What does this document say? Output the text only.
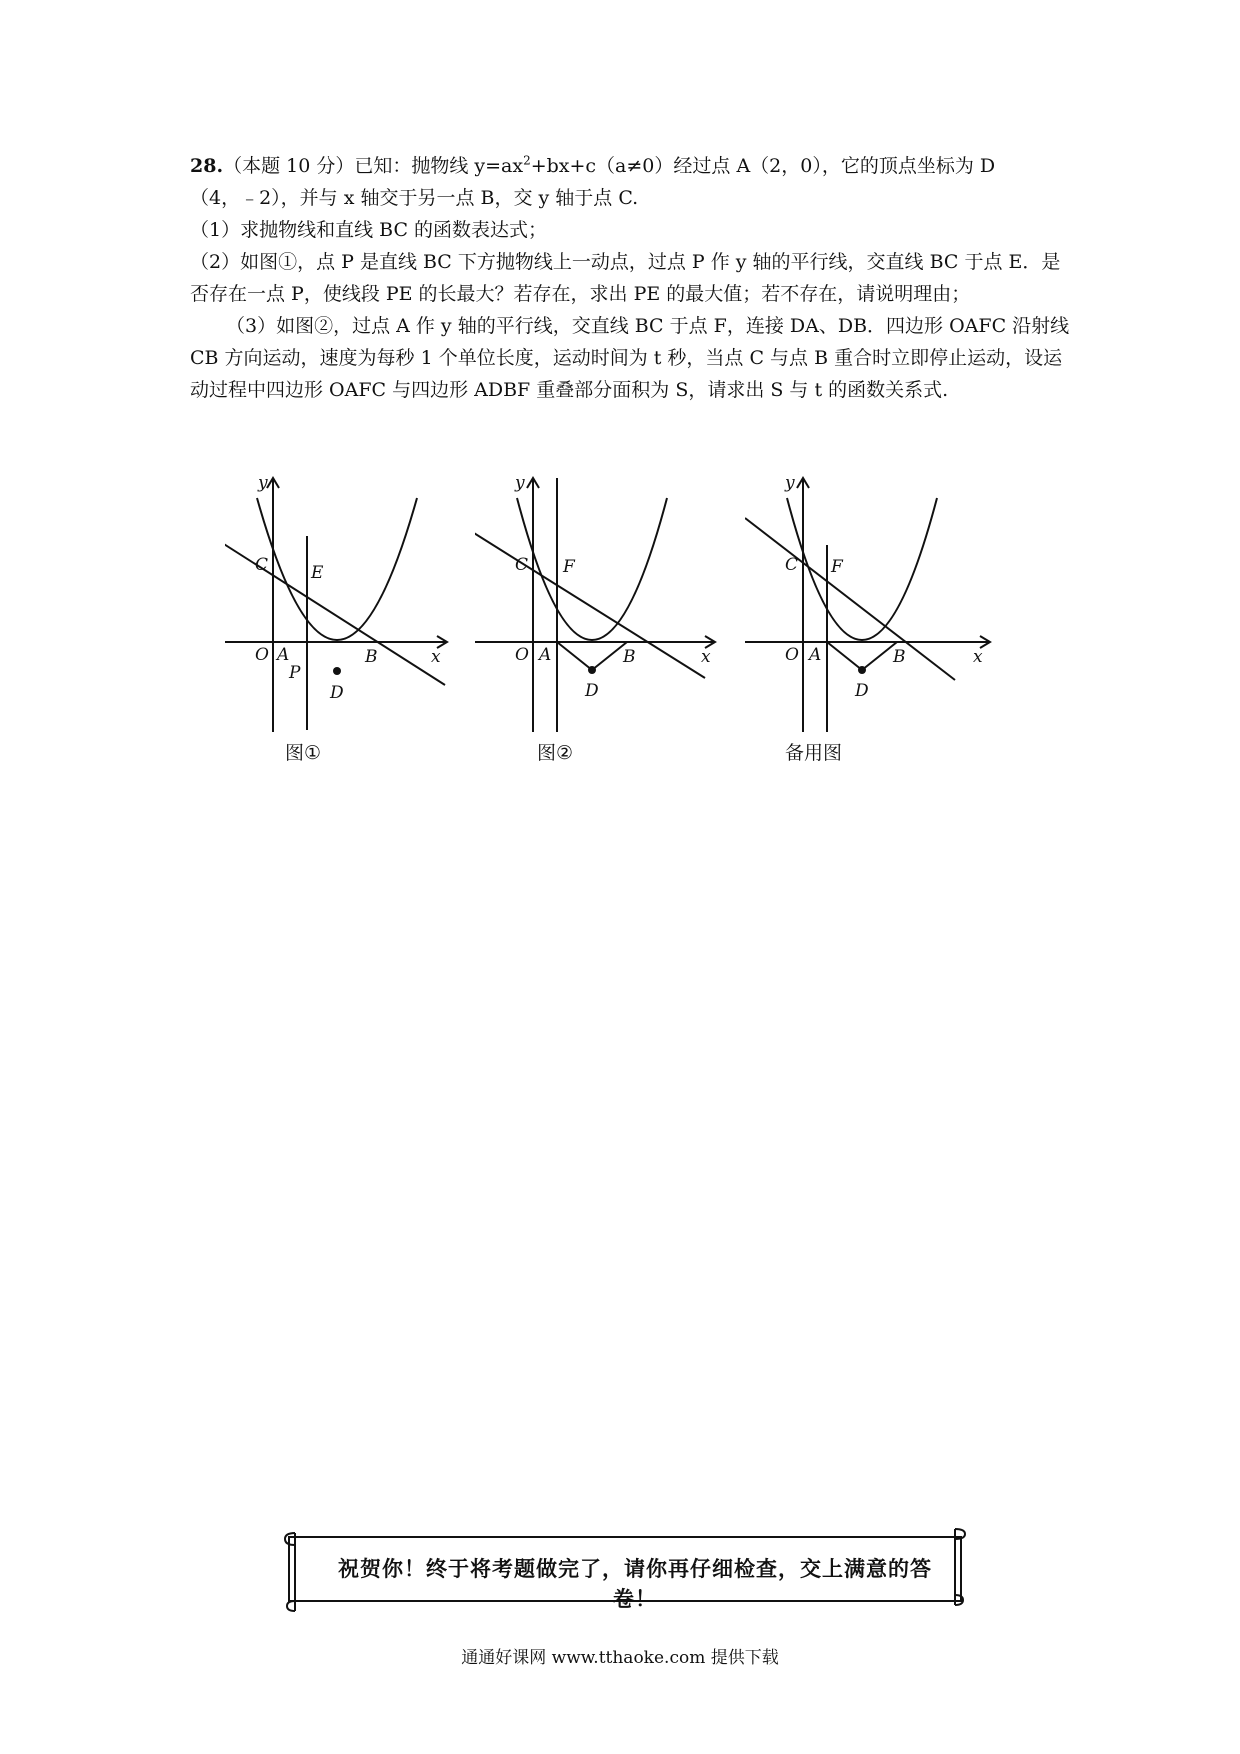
28.（本题 10 分）已知：抛物线 $y=ax^2+bx+c(a\ne 0)$经过点 A（2，0），它的顶点坐标为 D

（4，﹣2），并与 x 轴交于另一点 B，交 y 轴于点 C.

（1）求抛物线和直线 BC 的函数表达式；

（2）如图①，点 P 是直线 BC 下方抛物线上一动点，过点 P 作 y 轴的平行线，交直线 BC 于点 E．是否存在一点 P，使线段 PE 的长最大？若存在，求出 PE 的最大值；若不存在，请说明理由；

（3）如图②，过点 A 作 y 轴的平行线，交直线 BC 于点 F，连接 DA、DB．四边形 OAFC 沿射线 CB 方向运动，速度为每秒 1 个单位长度，运动时间为 t 秒，当点 C 与点 B 重合时立即停止运动，设运动过程中四边形 OAFC 与四边形 ADBF 重叠部分面积为 S，请求出 S 与 t 的函数关系式.

y
x
O A	B
C	E
P
D
图①
y
x
O A	B
C F
D
图②
y
x
O A	B
C F
D
备用图
祝贺你！终于将考题做完了，请你再仔细检查，交上满意的答卷！
通通好课网 www.tthaoke.com 提供下载
